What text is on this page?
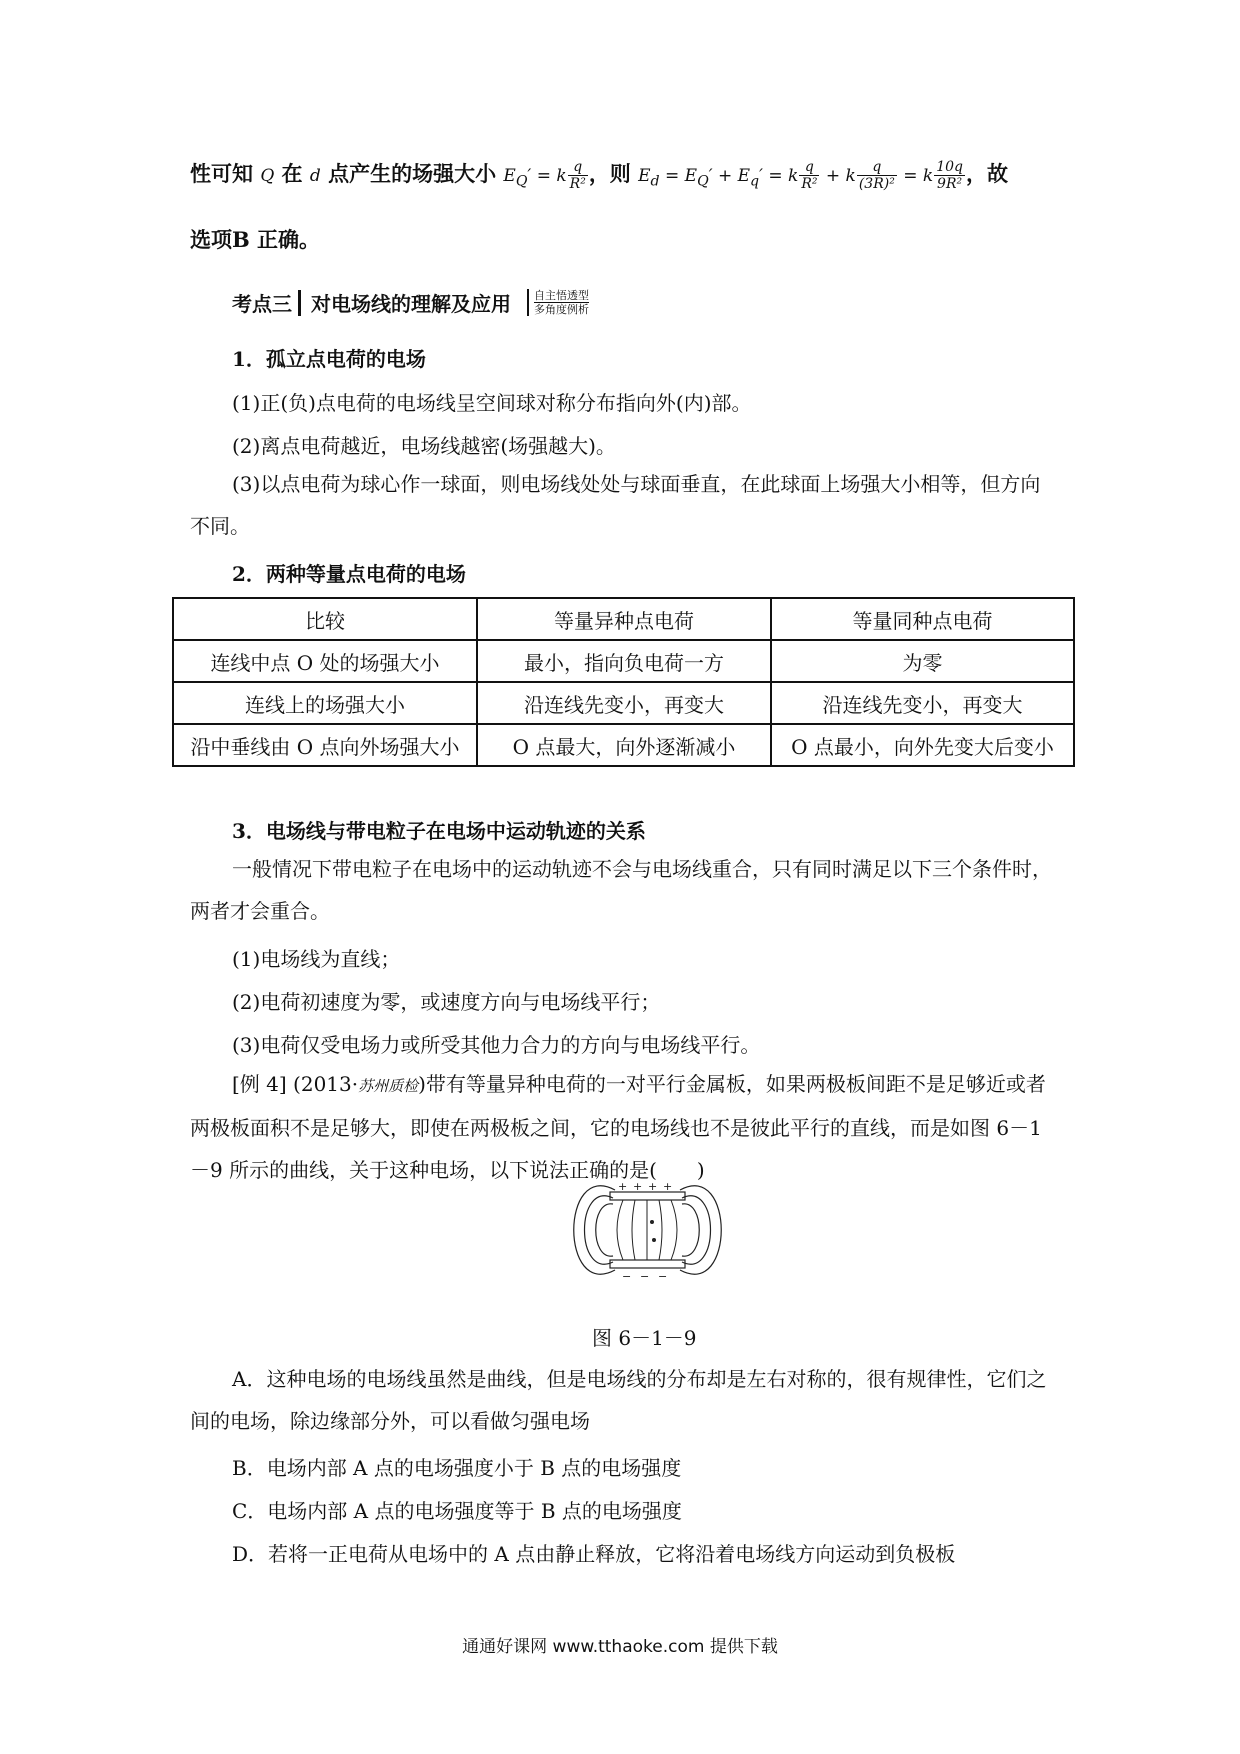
性可知 Q 在 d 点产生的场强大小 $E_Q' = k \frac{q}{\text{R²}}$ ，则 $E_d = E_Q' + E_q' = k \frac{q}{\text{R²}} + k \frac{q}{\text{(3R)²}} = k \frac{10q}{\text{9R²}}$ ，故
选项B 正确。
考点三 对电场线的理解及应用 自主悟透型
多角度例析
1．孤立点电荷的电场
(1)正(负)点电荷的电场线呈空间球对称分布指向外(内)部。
(2)离点电荷越近，电场线越密(场强越大)。
(3)以点电荷为球心作一球面，则电场线处处与球面垂直，在此球面上场强大小相等，但方向不同。
2．两种等量点电荷的电场
比较	等量异种点电荷	等量同种点电荷
连线中点 O 处的场强大小	最小，指向负电荷一方	为零
连线上的场强大小	沿连线先变小，再变大	沿连线先变小，再变大
沿中垂线由 O 点向外场强大小	O 点最大，向外逐渐减小	O 点最小，向外先变大后变小
3．电场线与带电粒子在电场中运动轨迹的关系
一般情况下带电粒子在电场中的运动轨迹不会与电场线重合，只有同时满足以下三个条件时，两者才会重合。
(1)电场线为直线；
(2)电荷初速度为零，或速度方向与电场线平行；
(3)电荷仅受电场力或所受其他力合力的方向与电场线平行。
[例 4] (2013·苏州质检)带有等量异种电荷的一对平行金属板，如果两极板间距不是足够近或者两极板面积不是足够大，即使在两极板之间，它的电场线也不是彼此平行的直线，而是如图 6－1－9 所示的曲线，关于这种电场，以下说法正确的是(　　)
+ + + +
− − −
图 6－1－9
A．这种电场的电场线虽然是曲线，但是电场线的分布却是左右对称的，很有规律性，它们之间的电场，除边缘部分外，可以看做匀强电场
B．电场内部 A 点的电场强度小于 B 点的电场强度
C．电场内部 A 点的电场强度等于 B 点的电场强度
D．若将一正电荷从电场中的 A 点由静止释放，它将沿着电场线方向运动到负极板
通通好课网 www.tthaoke.com 提供下载
